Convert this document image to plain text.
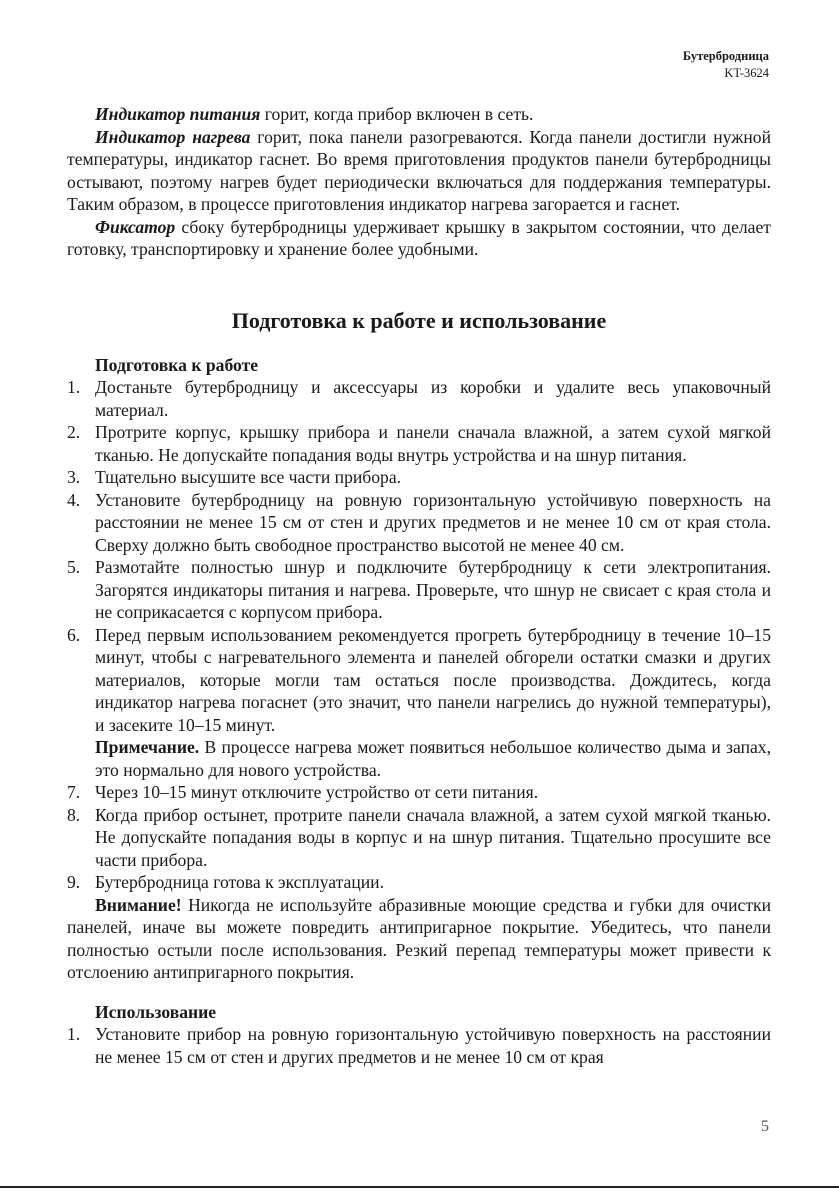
Бутербродница
KT-3624

Индикатор питания горит, когда прибор включен в сеть.

Индикатор нагрева горит, пока панели разогреваются. Когда панели достигли нужной температуры, индикатор гаснет. Во время приготовления продуктов панели бутербродницы остывают, поэтому нагрев будет периодически включаться для поддержания температуры. Таким образом, в процессе приготовления индикатор нагрева загорается и гаснет.

Фиксатор сбоку бутербродницы удерживает крышку в закрытом состоянии, что делает готовку, транспортировку и хранение более удобными.

Подготовка к работе и использование

Подготовка к работе

1. Достаньте бутербродницу и аксессуары из коробки и удалите весь упаковочный материал.
2. Протрите корпус, крышку прибора и панели сначала влажной, а затем сухой мягкой тканью. Не допускайте попадания воды внутрь устройства и на шнур питания.
3. Тщательно высушите все части прибора.
4. Установите бутербродницу на ровную горизонтальную устойчивую поверхность на расстоянии не менее 15 см от стен и других предметов и не менее 10 см от края стола. Сверху должно быть свободное пространство высотой не менее 40 см.
5. Размотайте полностью шнур и подключите бутербродницу к сети электропитания. Загорятся индикаторы питания и нагрева. Проверьте, что шнур не свисает с края стола и не соприкасается с корпусом прибора.
6. Перед первым использованием рекомендуется прогреть бутербродницу в течение 10–15 минут, чтобы с нагревательного элемента и панелей обгорели остатки смазки и других материалов, которые могли там остаться после производства. Дождитесь, когда индикатор нагрева погаснет (это значит, что панели нагрелись до нужной температуры), и засеките 10–15 минут.

Примечание. В процессе нагрева может появиться небольшое количество дыма и запах, это нормально для нового устройства.

7. Через 10–15 минут отключите устройство от сети питания.
8. Когда прибор остынет, протрите панели сначала влажной, а затем сухой мягкой тканью. Не допускайте попадания воды в корпус и на шнур питания. Тщательно просушите все части прибора.
9. Бутербродница готова к эксплуатации.

Внимание! Никогда не используйте абразивные моющие средства и губки для очистки панелей, иначе вы можете повредить антипригарное покрытие. Убедитесь, что панели полностью остыли после использования. Резкий перепад температуры может привести к отслоению антипригарного покрытия.

Использование

1. Установите прибор на ровную горизонтальную устойчивую поверхность на расстоянии не менее 15 см от стен и других предметов и не менее 10 см от края
5
